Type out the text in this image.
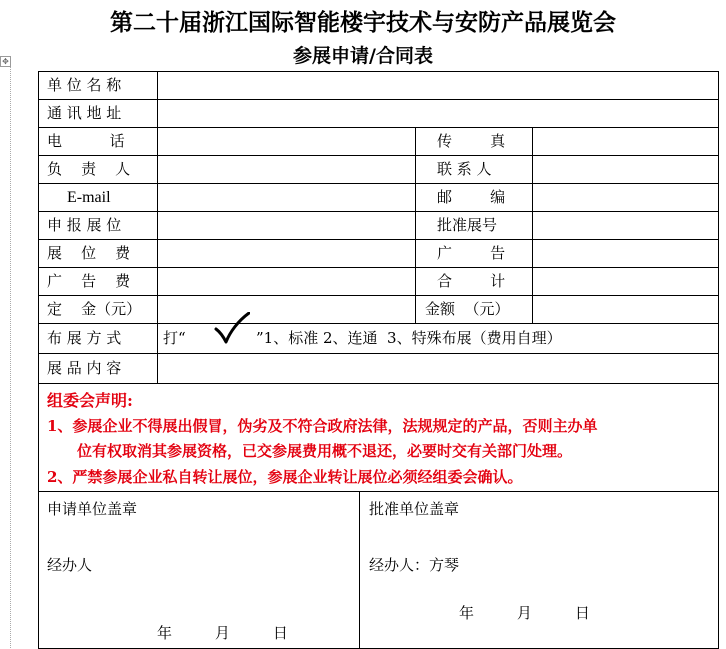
第二十届浙江国际智能楼宇技术与安防产品展览会
参展申请/合同表
✥
单 位 名 称
通 讯 地 址
电          话	传        真
负    责    人	联 系 人
E-mail	邮        编
申 报 展 位	批准展号
展    位    费	广        告
广    告    费	合        计
定    金（元）	金额  （元）
布 展 方 式	打“	”1、标准 2、连通  3、特殊布展（费用自理）
展 品 内 容
组委会声明:
1、参展企业不得展出假冒，伪劣及不符合政府法律，法规规定的产品，否则主办单
位有权取消其参展资格，已交参展费用概不退还，必要时交有关部门处理。
2、严禁参展企业私自转让展位，参展企业转让展位必须经组委会确认。
申请单位盖章
经办人
年         月         日
批准单位盖章
经办人：方琴
年         月         日
